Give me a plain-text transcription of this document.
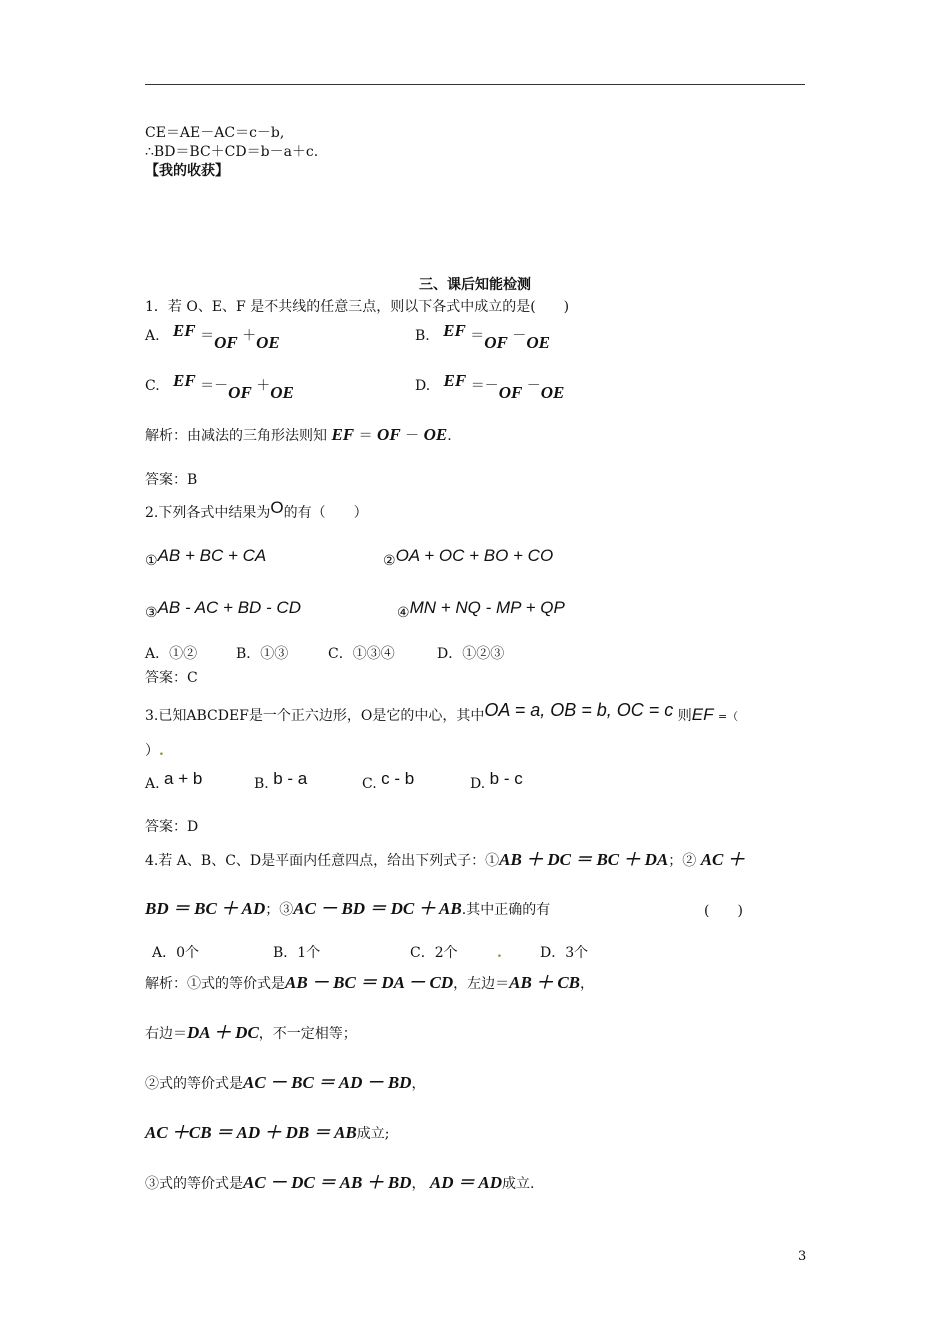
CE＝AE－AC＝c－b,
∴BD＝BC＋CD＝b－a＋c.
【我的收获】
三、课后知能检测
1．若 O、E、F 是不共线的任意三点，则以下各式中成立的是(　　)
A. EF ＝OF ＋OE	B. EF ＝OF －OE
C. EF ＝－OF ＋OE	D. EF ＝－OF －OE
解析：由减法的三角形法则知 EF ＝ OF － OE.
答案：B
2.下列各式中结果为O的有（　　）
①AB + BC + CA	②OA + OC + BO + CO
③AB - AC + BD - CD	④MN + NQ - MP + QP
A．①②	B．①③	C．①③④	D．①②③
答案：C
3.已知ABCDEF是一个正六边形，O是它的中心，其中OA = a, OB = b, OC = c 则EF =（
）.
A. a + b	B. b - a	C. c - b	D. b - c
答案：D
4.若 A、B、C、D是平面内任意四点，给出下列式子：①AB ＋ DC ＝ BC ＋ DA；② AC ＋
BD ＝ BC ＋ AD；③AC － BD ＝ DC ＋ AB.其中正确的有	(　　)
A．0个	B．1个	C．2个	.	D．3个
解析：①式的等价式是AB － BC ＝ DA － CD，左边＝AB ＋ CB，
右边＝DA ＋ DC，不一定相等；
②式的等价式是AC － BC ＝ AD － BD，
AC ＋CB ＝ AD ＋ DB ＝ AB成立;
③式的等价式是AC － DC ＝ AB ＋ BD， AD ＝ AD成立.
3
